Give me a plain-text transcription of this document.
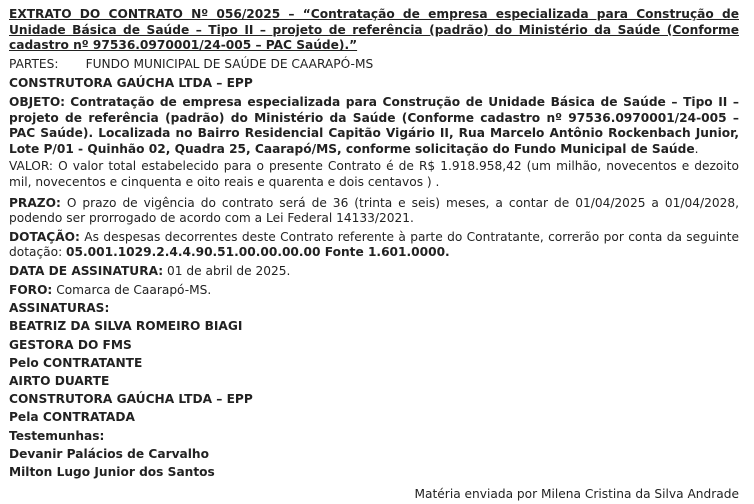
EXTRATO DO CONTRATO Nº 056/2025 – “Contratação de empresa especializada para Construção de Unidade Básica de Saúde – Tipo II – projeto de referência (padrão) do Ministério da Saúde (Conforme cadastro nº 97536.0970001/24-005 – PAC Saúde).”

PARTES: FUNDO MUNICIPAL DE SAÚDE DE CAARAPÓ-MS

CONSTRUTORA GAÚCHA LTDA – EPP

OBJETO: Contratação de empresa especializada para Construção de Unidade Básica de Saúde – Tipo II – projeto de referência (padrão) do Ministério da Saúde (Conforme cadastro nº 97536.0970001/24-005 – PAC Saúde). Localizada no Bairro Residencial Capitão Vigário II, Rua Marcelo Antônio Rockenbach Junior, Lote P/01 - Quinhão 02, Quadra 25, Caarapó/MS, conforme solicitação do Fundo Municipal de Saúde.

VALOR: O valor total estabelecido para o presente Contrato é de R$ 1.918.958,42 (um milhão, novecentos e dezoito mil, novecentos e cinquenta e oito reais e quarenta e dois centavos ) .

PRAZO: O prazo de vigência do contrato será de 36 (trinta e seis) meses, a contar de 01/04/2025 a 01/04/2028, podendo ser prorrogado de acordo com a Lei Federal 14133/2021.

DOTAÇÃO: As despesas decorrentes deste Contrato referente à parte do Contratante, correrão por conta da seguinte dotação: 05.001.1029.2.4.4.90.51.00.00.00.00 Fonte 1.601.0000.

DATA DE ASSINATURA: 01 de abril de 2025.

FORO: Comarca de Caarapó-MS.

ASSINATURAS:

BEATRIZ DA SILVA ROMEIRO BIAGI

GESTORA DO FMS

Pelo CONTRATANTE

AIRTO DUARTE

CONSTRUTORA GAÚCHA LTDA – EPP

Pela CONTRATADA

Testemunhas:

Devanir Palácios de Carvalho

Milton Lugo Junior dos Santos

Matéria enviada por Milena Cristina da Silva Andrade
